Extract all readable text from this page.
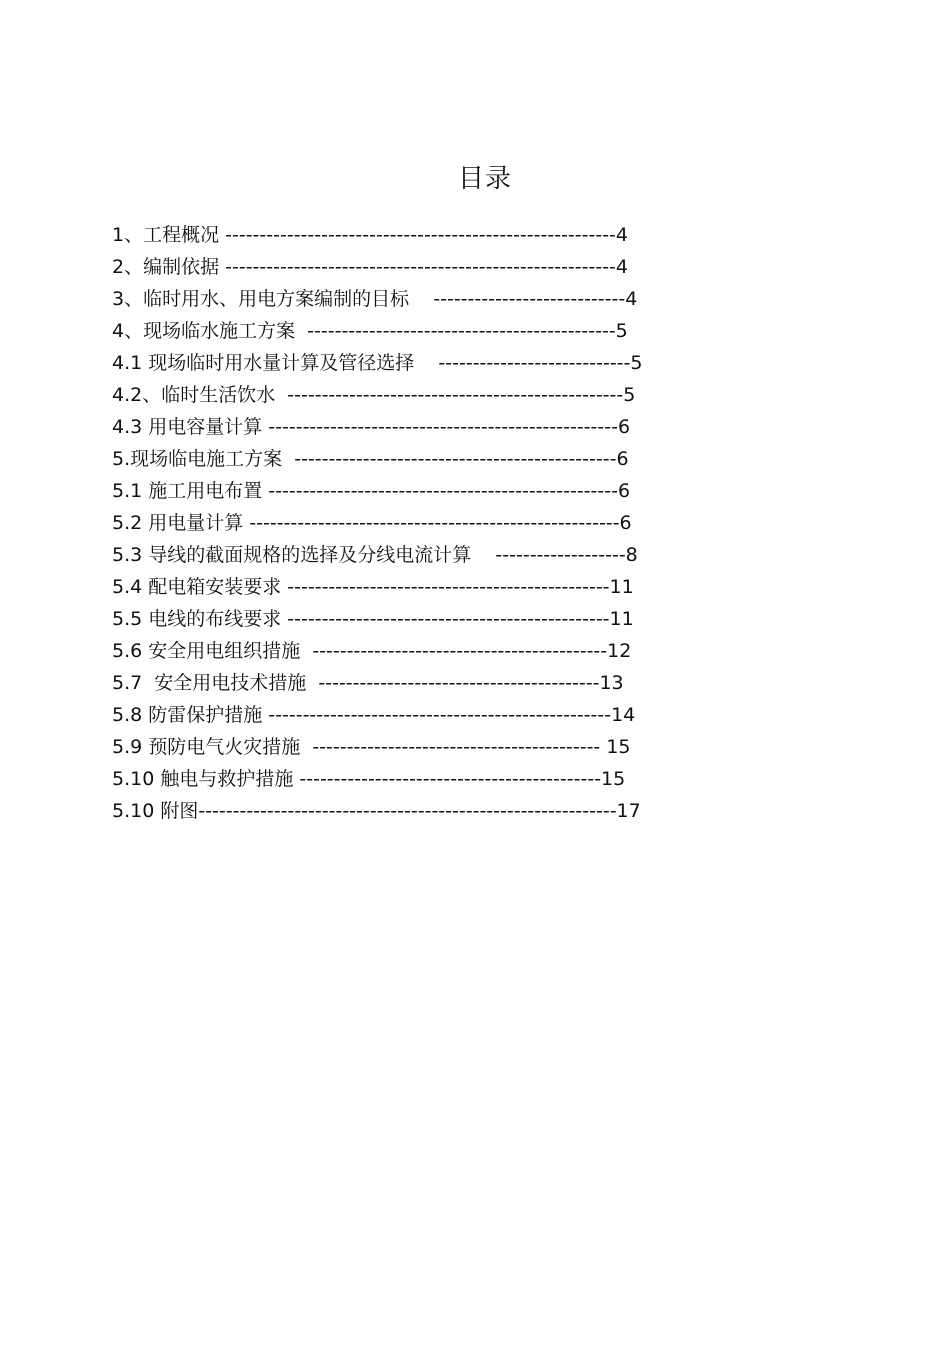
目录
1、工程概况 ---------------------------------------------------------4
2、编制依据 ---------------------------------------------------------4
3、临时用水、用电方案编制的目标    ----------------------------4
4、现场临水施工方案  ---------------------------------------------5
4.1 现场临时用水量计算及管径选择    ----------------------------5
4.2、临时生活饮水  -------------------------------------------------5
4.3 用电容量计算 ---------------------------------------------------6
5.现场临电施工方案  -----------------------------------------------6
5.1 施工用电布置 ---------------------------------------------------6
5.2 用电量计算 ------------------------------------------------------6
5.3 导线的截面规格的选择及分线电流计算    -------------------8
5.4 配电箱安装要求 -----------------------------------------------11
5.5 电线的布线要求 -----------------------------------------------11
5.6 安全用电组织措施  -------------------------------------------12
5.7  安全用电技术措施  -----------------------------------------13
5.8 防雷保护措施 --------------------------------------------------14
5.9 预防电气火灾措施  ------------------------------------------ 15
5.10 触电与救护措施 --------------------------------------------15
5.10 附图-------------------------------------------------------------17
